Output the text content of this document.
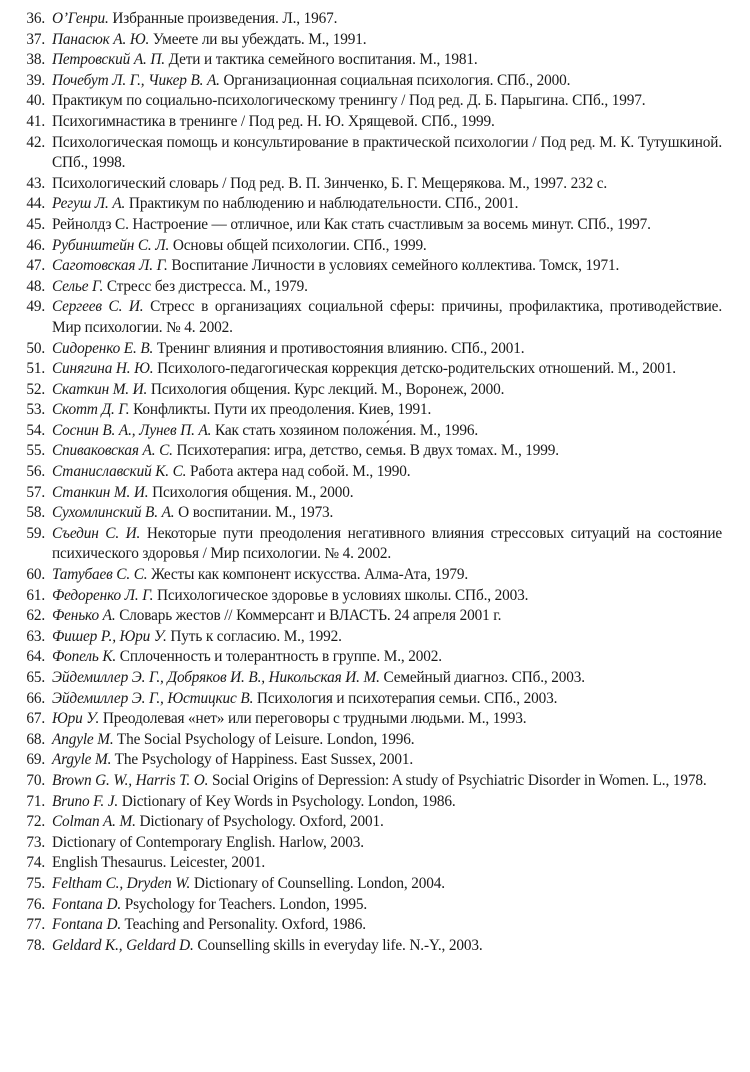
36. О’Генри. Избранные произведения. Л., 1967.
37. Панасюк А. Ю. Умеете ли вы убеждать. М., 1991.
38. Петровский А. П. Дети и тактика семейного воспитания. М., 1981.
39. Почебут Л. Г., Чикер В. А. Организационная социальная психология. СПб., 2000.
40. Практикум по социально-психологическому тренингу / Под ред. Д. Б. Парыгина. СПб., 1997.
41. Психогимнастика в тренинге / Под ред. Н. Ю. Хрящевой. СПб., 1999.
42. Психологическая помощь и консультирование в практической психологии / Под ред. М. К. Тутушкиной. СПб., 1998.
43. Психологический словарь / Под ред. В. П. Зинченко, Б. Г. Мещерякова. М., 1997. 232 с.
44. Регуш Л. А. Практикум по наблюдению и наблюдательности. СПб., 2001.
45. Рейнолдз С. Настроение — отличное, или Как стать счастливым за восемь минут. СПб., 1997.
46. Рубинштейн С. Л. Основы общей психологии. СПб., 1999.
47. Саготовская Л. Г. Воспитание Личности в условиях семейного коллектива. Томск, 1971.
48. Селье Г. Стресс без дистресса. М., 1979.
49. Сергеев С. И. Стресс в организациях социальной сферы: причины, профилактика, противодействие. Мир психологии. № 4. 2002.
50. Сидоренко Е. В. Тренинг влияния и противостояния влиянию. СПб., 2001.
51. Синягина Н. Ю. Психолого-педагогическая коррекция детско-родительских отношений. М., 2001.
52. Скаткин М. И. Психология общения. Курс лекций. М., Воронеж, 2000.
53. Скотт Д. Г. Конфликты. Пути их преодоления. Киев, 1991.
54. Соснин В. А., Лунев П. А. Как стать хозяином положе́ния. М., 1996.
55. Спиваковская А. С. Психотерапия: игра, детство, семья. В двух томах. М., 1999.
56. Станиславский К. С. Работа актера над собой. М., 1990.
57. Станкин М. И. Психология общения. М., 2000.
58. Сухомлинский В. А. О воспитании. М., 1973.
59. Съедин С. И. Некоторые пути преодоления негативного влияния стрессовых ситуаций на состояние психического здоровья / Мир психологии. № 4. 2002.
60. Татубаев С. С. Жесты как компонент искусства. Алма-Ата, 1979.
61. Федоренко Л. Г. Психологическое здоровье в условиях школы. СПб., 2003.
62. Фенько А. Словарь жестов // Коммерсант и ВЛАСТЬ. 24 апреля 2001 г.
63. Фишер Р., Юри У. Путь к согласию. М., 1992.
64. Фопель К. Сплоченность и толерантность в группе. М., 2002.
65. Эйдемиллер Э. Г., Добряков И. В., Никольская И. М. Семейный диагноз. СПб., 2003.
66. Эйдемиллер Э. Г., Юстицкис В. Психология и психотерапия семьи. СПб., 2003.
67. Юри У. Преодолевая «нет» или переговоры с трудными людьми. М., 1993.
68. Angyle M. The Social Psychology of Leisure. London, 1996.
69. Argyle M. The Psychology of Happiness. East Sussex, 2001.
70. Brown G. W., Harris T. O. Social Origins of Depression: A study of Psychiatric Disorder in Women. L., 1978.
71. Bruno F. J. Dictionary of Key Words in Psychology. London, 1986.
72. Colman A. M. Dictionary of Psychology. Oxford, 2001.
73. Dictionary of Contemporary English. Harlow, 2003.
74. English Thesaurus. Leicester, 2001.
75. Feltham C., Dryden W. Dictionary of Counselling. London, 2004.
76. Fontana D. Psychology for Teachers. London, 1995.
77. Fontana D. Teaching and Personality. Oxford, 1986.
78. Geldard K., Geldard D. Counselling skills in everyday life. N.-Y., 2003.
